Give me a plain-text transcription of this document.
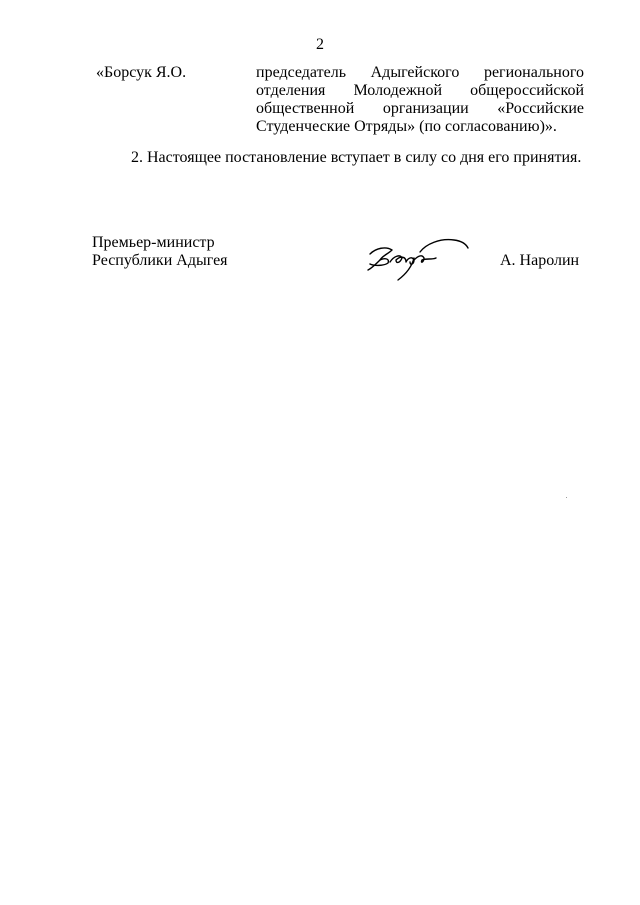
2
«Борсук Я.О.	председатель Адыгейского регионального
отделения Молодежной общероссийской
общественной организации «Российские
Студенческие Отряды» (по согласованию)».
2. Настоящее постановление вступает в силу со дня его принятия.
Премьер-министр
Республики Адыгея	А. Наролин
